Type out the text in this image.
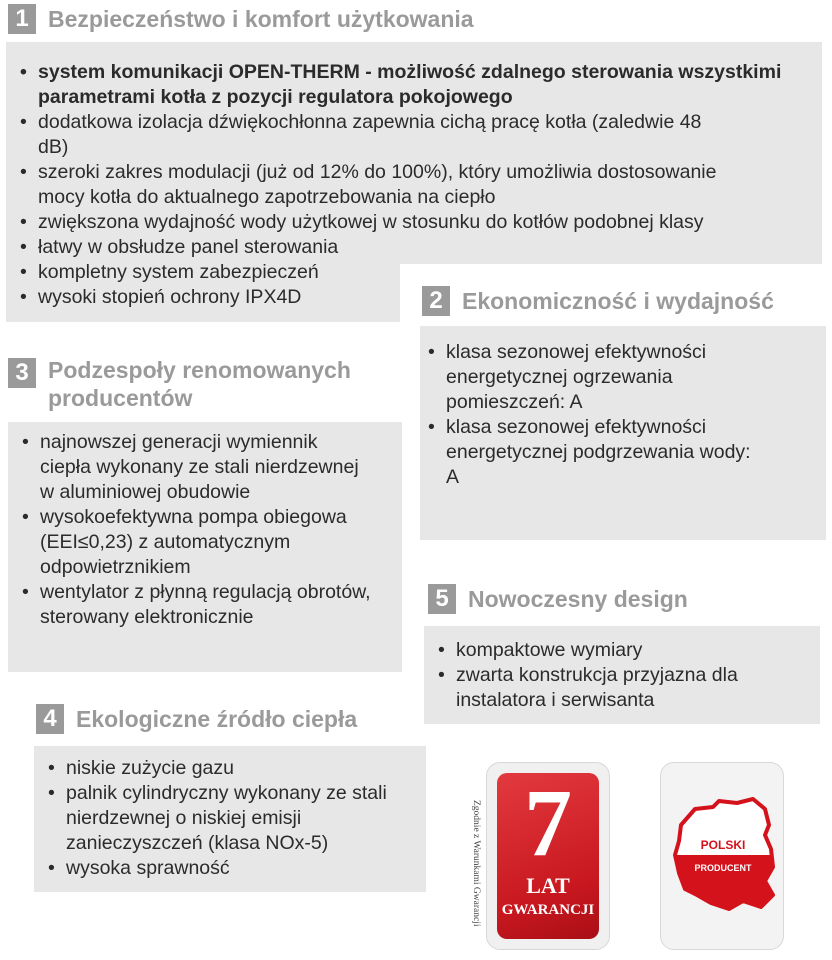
1 Bezpieczeństwo i komfort użytkowania
• system komunikacji OPEN-THERM - możliwość zdalnego sterowania wszystkimi parametrami kotła z pozycji regulatora pokojowego
• dodatkowa izolacja dźwiękochłonna zapewnia cichą pracę kotła (zaledwie 48 dB)
• szeroki zakres modulacji (już od 12% do 100%), który umożliwia dostosowanie mocy kotła do aktualnego zapotrzebowania na ciepło
• zwiększona wydajność wody użytkowej w stosunku do kotłów podobnej klasy
• łatwy w obsłudze panel sterowania
• kompletny system zabezpieczeń
• wysoki stopień ochrony IPX4D	2 Ekonomiczność i wydajność
• klasa sezonowej efektywności energetycznej ogrzewania pomieszczeń: A
• klasa sezonowej efektywności energetycznej podgrzewania wody: A
3 Podzespoły renomowanych producentów
• najnowszej generacji wymiennik ciepła wykonany ze stali nierdzewnej w aluminiowej obudowie
• wysokoefektywna pompa obiegowa (EEI≤0,23) z automatycznym odpowietrznikiem
• wentylator z płynną regulacją obrotów, sterowany elektronicznie
5 Nowoczesny design
• kompaktowe wymiary
• zwarta konstrukcja przyjazna dla instalatora i serwisanta
4 Ekologiczne źródło ciepła
• niskie zużycie gazu
• palnik cylindryczny wykonany ze stali nierdzewnej o niskiej emisji zanieczyszczeń (klasa NOx-5)
• wysoka sprawność	Zgodnie z Warunkami Gwarancji 7
LAT
GWARANCJI
POLSKI
PRODUCENT
